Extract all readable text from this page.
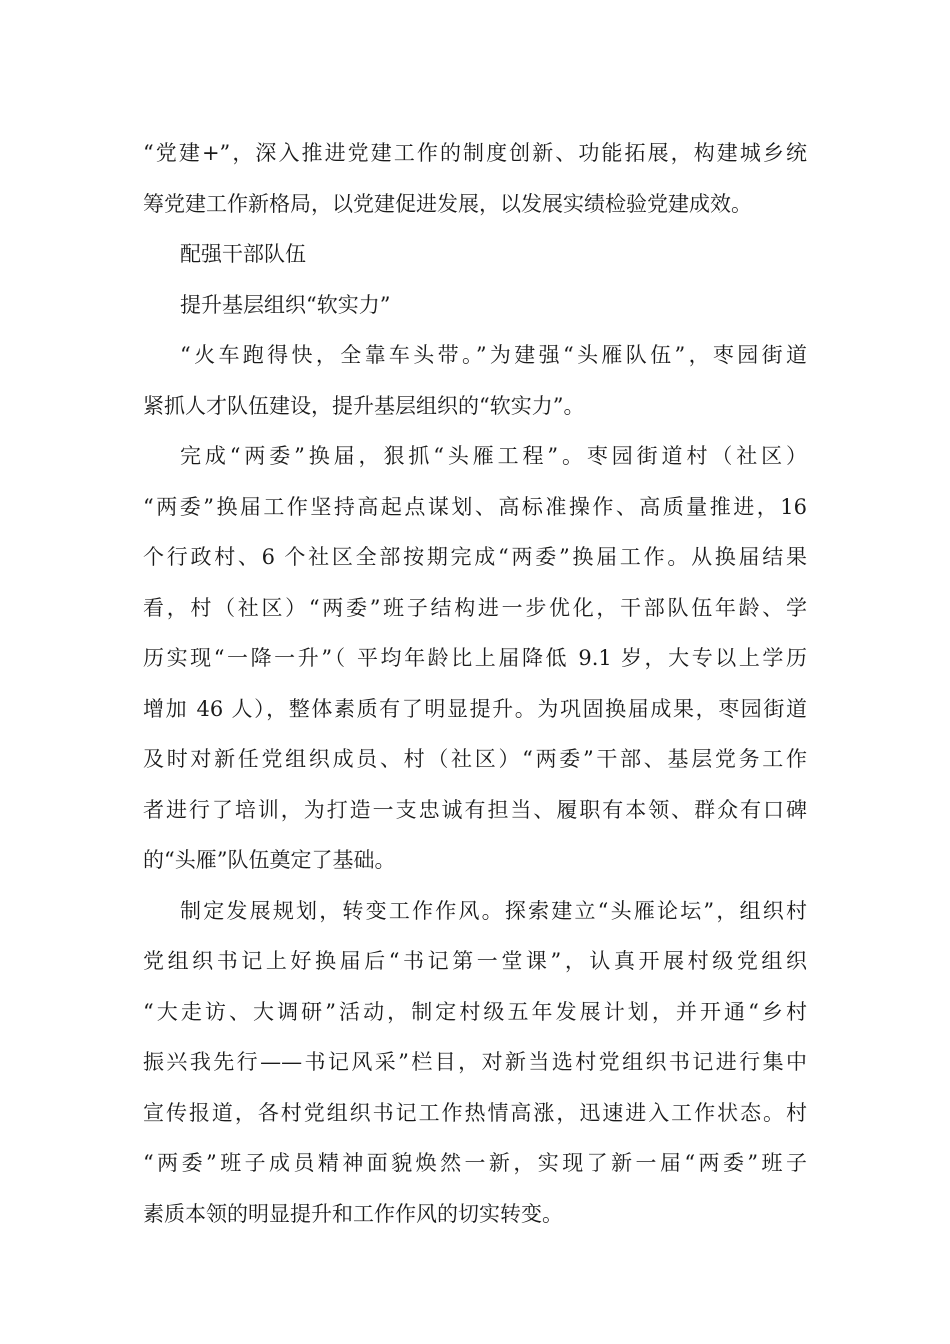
“党建+”，深入推进党建工作的制度创新、功能拓展，构建城乡统
筹党建工作新格局，以党建促进发展，以发展实绩检验党建成效。
配强干部队伍
提升基层组织“软实力”
“火车跑得快，全靠车头带。”为建强“头雁队伍”，枣园街道
紧抓人才队伍建设，提升基层组织的“软实力”。
完成“两委”换届，狠抓“头雁工程”。枣园街道村（社区）
“两委”换届工作坚持高起点谋划、高标准操作、高质量推进，16
个行政村、6 个社区全部按期完成“两委”换届工作。从换届结果
看，村（社区）“两委”班子结构进一步优化，干部队伍年龄、学
历实现“一降一升”（ 平均年龄比上届降低 9.1 岁，大专以上学历
增加 46 人），整体素质有了明显提升。为巩固换届成果，枣园街道
及时对新任党组织成员、村（社区）“两委”干部、基层党务工作
者进行了培训，为打造一支忠诚有担当、履职有本领、群众有口碑
的“头雁”队伍奠定了基础。
制定发展规划，转变工作作风。探索建立“头雁论坛”，组织村
党组织书记上好换届后“书记第一堂课”，认真开展村级党组织
“大走访、大调研”活动，制定村级五年发展计划，并开通“乡村
振兴我先行——书记风采”栏目，对新当选村党组织书记进行集中
宣传报道，各村党组织书记工作热情高涨，迅速进入工作状态。村
“两委”班子成员精神面貌焕然一新，实现了新一届“两委”班子
素质本领的明显提升和工作作风的切实转变。
